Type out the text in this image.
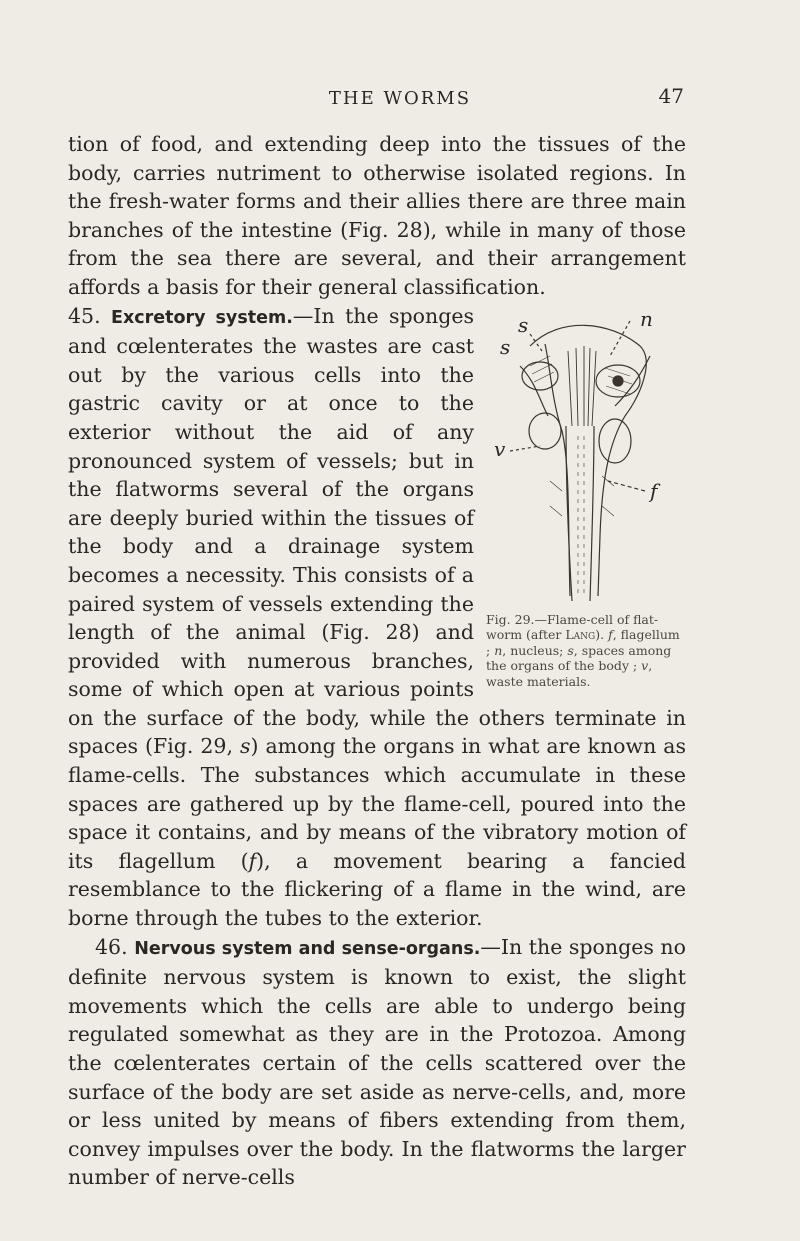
THE WORMS	47

tion of food, and extending deep into the tissues of the body, carries nutriment to otherwise isolated regions. In the fresh-water forms and their allies there are three main branches of the intestine (Fig. 28), while in many of those from the sea there are several, and their arrangement affords a basis for their general classification.

s
s
n
v
f
Fig. 29.—Flame-cell of flat-worm (after Lang). f, flagellum ; n, nucleus; s, spaces among the organs of the body ; v, waste materials.
45. Excretory system.—In the sponges and cœlenterates the wastes are cast out by the various cells into the gastric cavity or at once to the exterior without the aid of any pronounced system of vessels; but in the flatworms several of the organs are deeply buried within the tissues of the body and a drainage system becomes a necessity. This consists of a paired system of vessels extending the length of the animal (Fig. 28) and provided with numerous branches, some of which open at various points on the surface of the body, while the others terminate in spaces (Fig. 29, s) among the organs in what are known as flame-cells. The substances which accumulate in these spaces are gathered up by the flame-cell, poured into the space it contains, and by means of the vibratory motion of its flagellum (f), a movement bearing a fancied resemblance to the flickering of a flame in the wind, are borne through the tubes to the exterior.

46. Nervous system and sense-organs.—In the sponges no definite nervous system is known to exist, the slight movements which the cells are able to undergo being regulated somewhat as they are in the Protozoa. Among the cœlenterates certain of the cells scattered over the surface of the body are set aside as nerve-cells, and, more or less united by means of fibers extending from them, convey impulses over the body. In the flatworms the larger number of nerve-cells
